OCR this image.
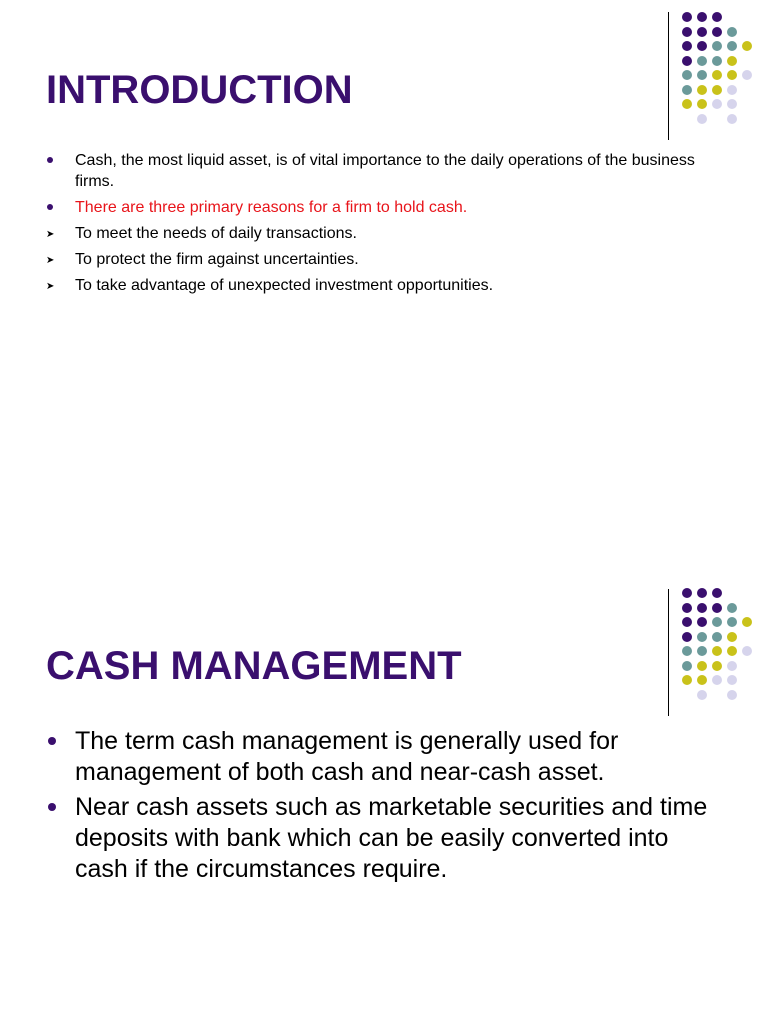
INTRODUCTION
Cash, the most liquid asset, is of vital importance to the daily operations of the business firms.
There are three primary reasons for a firm to hold cash.
➤ To meet the needs of daily transactions.
➤ To protect the firm against uncertainties.
➤ To take advantage of unexpected investment opportunities.
CASH MANAGEMENT
The term cash management is generally used for management of both cash and near-cash asset.
Near cash assets such as marketable securities and time deposits with bank which can be easily converted into cash if the circumstances require.
